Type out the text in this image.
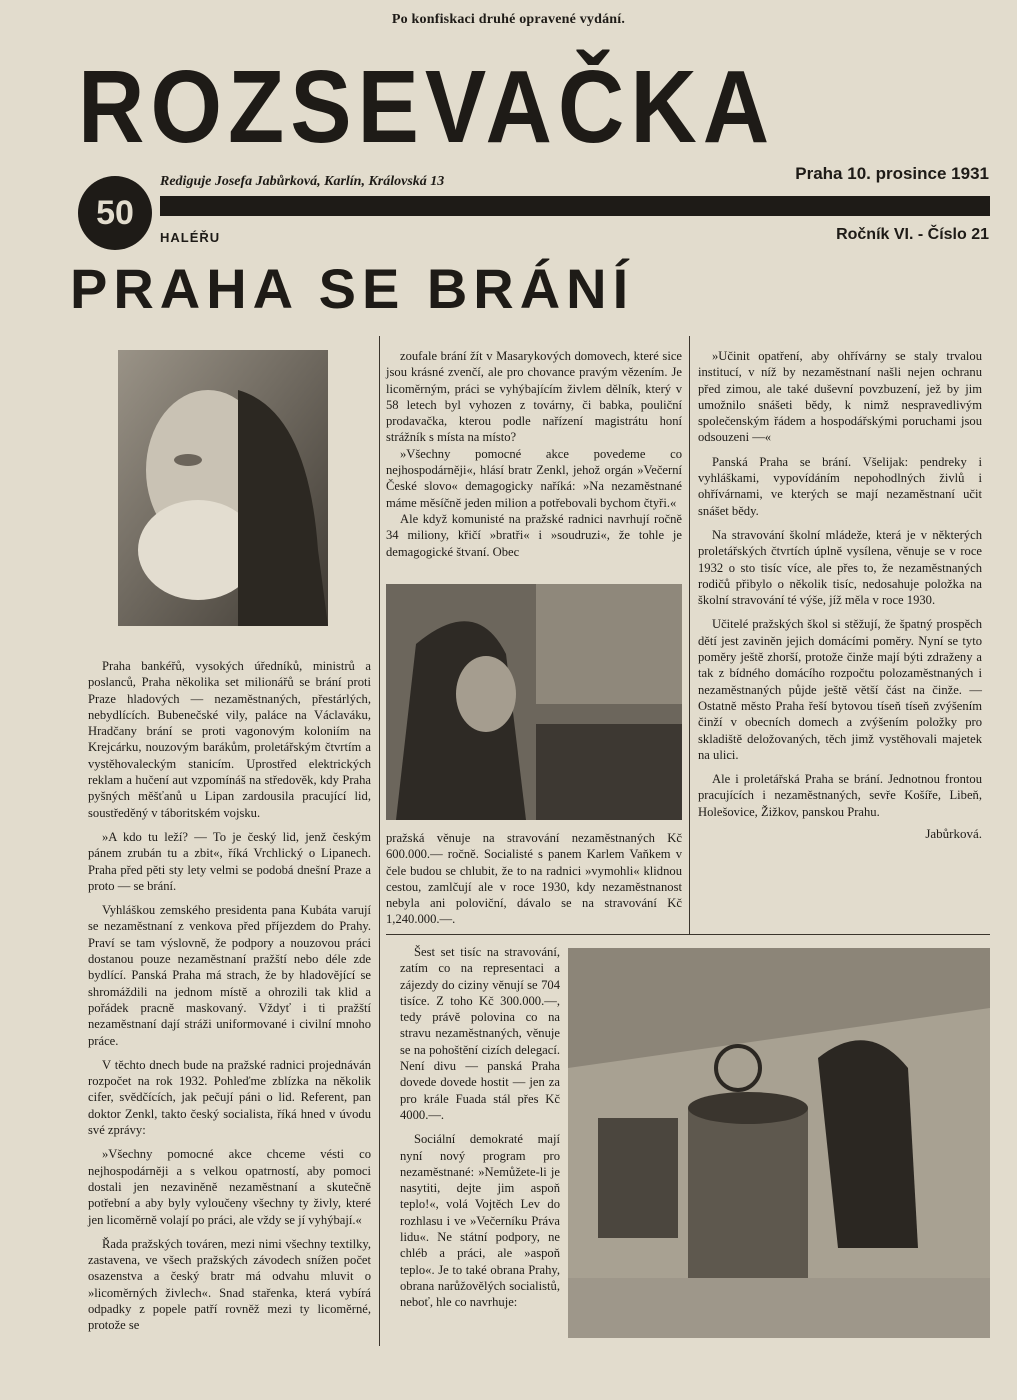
Po konfiskaci druhé opravené vydání.
ROZSEVAČKA
50
Rediguje Josefa Jabůrková, Karlín, Královská 13
HALÉŘU
Praha 10. prosince 1931
Ročník VI. - Číslo 21
PRAHA SE BRÁNÍ

Praha bankéřů, vysokých úředníků, ministrů a poslanců, Praha několika set milionářů se brání proti Praze hladových — nezaměstnaných, přestárlých, nebydlících. Bubenečské vily, paláce na Václaváku, Hradčany brání se proti vagonovým koloniím na Krejcárku, nouzovým barákům, proletářským čtvrtím a vystěhovaleckým stanicím. Uprostřed elektrických reklam a hučení aut vzpomínáš na středověk, kdy Praha pyšných měšťanů u Lipan zardousila pracující lid, soustředěný v táboritském vojsku.

»A kdo tu leží? — To je český lid, jenž českým pánem zrubán tu a zbit«, říká Vrchlický o Lipanech. Praha před pěti sty lety velmi se podobá dnešní Praze a proto — se brání.

Vyhláškou zemského presidenta pana Kubáta varují se nezaměstnaní z venkova před příjezdem do Prahy. Praví se tam výslovně, že podpory a nouzovou práci dostanou pouze nezaměstnaní pražští nebo déle zde bydlící. Panská Praha má strach, že by hladovějící se shromáždili na jednom místě a ohrozili tak klid a pořádek pracně maskovaný. Vždyť i ti pražští nezaměstnaní dají stráži uniformované i civilní mnoho práce.

V těchto dnech bude na pražské radnici projednáván rozpočet na rok 1932. Pohleďme zblízka na několik cifer, svědčících, jak pečují páni o lid. Referent, pan doktor Zenkl, takto český socialista, říká hned v úvodu své zprávy:

»Všechny pomocné akce chceme vésti co nejhospodárněji a s velkou opatrností, aby pomoci dostali jen nezaviněně nezaměstnaní a skutečně potřební a aby byly vyloučeny všechny ty živly, které jen licoměrně volají po práci, ale vždy se jí vyhýbají.«

Řada pražských továren, mezi nimi všechny textilky, zastavena, ve všech pražských závodech snížen počet osazenstva a český bratr má odvahu mluvit o »licoměrných živlech«. Snad stařenka, která vybírá odpadky z popele patří rovněž mezi ty licoměrné, protože se

zoufale brání žít v Masarykových domovech, které sice jsou krásné zvenčí, ale pro chovance pravým vězením. Je licoměrným, práci se vyhýbajícím živlem dělník, který v 58 letech byl vyhozen z továrny, či babka, pouliční prodavačka, kterou podle nařízení magistrátu honí strážník s místa na místo?

»Všechny pomocné akce povedeme co nejhospodárněji«, hlásí bratr Zenkl, jehož orgán »Večerní České slovo« demagogicky naříká: »Na nezaměstnané máme měsíčně jeden milion a potřebovali bychom čtyři.«

Ale když komunisté na pražské radnici navrhují ročně 34 miliony, křičí »bratři« i »soudruzi«, že tohle je demagogické štvaní. Obec

pražská věnuje na stravování nezaměstnaných Kč 600.000.— ročně. Socialisté s panem Karlem Vaňkem v čele budou se chlubit, že to na radnici »vymohli« klidnou cestou, zamlčují ale v roce 1930, kdy nezaměstnanost nebyla ani poloviční, dávalo se na stravování Kč 1,240.000.—.

Šest set tisíc na stravování, zatím co na representaci a zájezdy do ciziny věnují se 704 tisíce. Z toho Kč 300.000.—, tedy právě polovina co na stravu nezaměstnaných, věnuje se na pohoštění cizích delegací. Není divu — panská Praha dovede dovede hostit — jen za pro krále Fuada stál přes Kč 4000.—.

Sociální demokraté mají nyní nový program pro nezaměstnané: »Nemůžete-li je nasytiti, dejte jim aspoň teplo!«, volá Vojtěch Lev do rozhlasu i ve »Večerníku Práva lidu«. Ne státní podpory, ne chléb a práci, ale »aspoň teplo«. Je to také obrana Prahy, obrana narůžovělých socialistů, neboť, hle co navrhuje:

»Učinit opatření, aby ohřívárny se staly trvalou institucí, v níž by nezaměstnaní našli nejen ochranu před zimou, ale také duševní povzbuzení, jež by jim umožnilo snášeti bědy, k nimž nespravedlivým společenským řádem a hospodářskými poruchami jsou odsouzeni —«

Panská Praha se brání. Všelijak: pendreky i vyhláškami, vypovídáním nepohodlných živlů i ohřívárnami, ve kterých se mají nezaměstnaní učit snášet bědy.

Na stravování školní mládeže, která je v některých proletářských čtvrtích úplně vysílena, věnuje se v roce 1932 o sto tisíc více, ale přes to, že nezaměstnaných rodičů přibylo o několik tisíc, nedosahuje položka na školní stravování té výše, jíž měla v roce 1930.

Učitelé pražských škol si stěžují, že špatný prospěch dětí jest zaviněn jejich domácími poměry. Nyní se tyto poměry ještě zhorší, protože činže mají býti zdraženy a tak z bídného domácího rozpočtu polozaměstnaných i nezaměstnaných půjde ještě větší část na činže. — Ostatně město Praha řeší bytovou tíseň tíseň zvýšením činží v obecních domech a zvýšením položky pro skladiště deložovaných, těch jimž vystěhovali majetek na ulici.

Ale i proletářská Praha se brání. Jednotnou frontou pracujících i nezaměstnaných, sevře Košíře, Libeň, Holešovice, Žižkov, panskou Prahu.

Jabůrková.
